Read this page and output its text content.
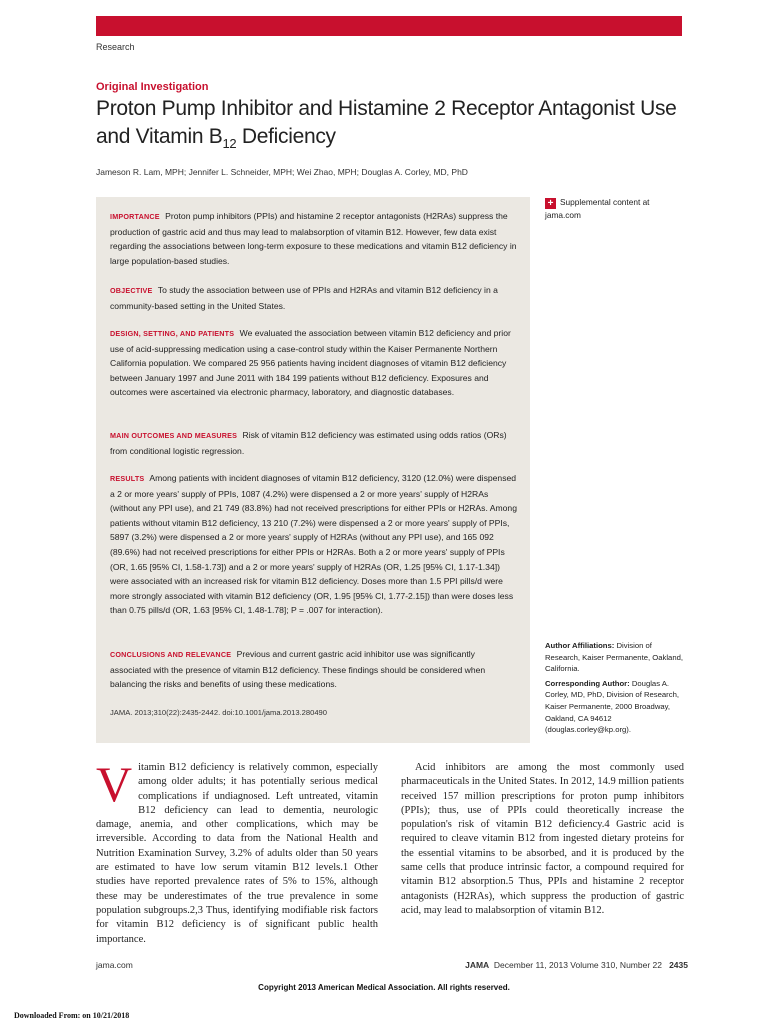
Research
Original Investigation
Proton Pump Inhibitor and Histamine 2 Receptor Antagonist Use and Vitamin $B_{12}$ Deficiency
Jameson R. Lam, MPH; Jennifer L. Schneider, MPH; Wei Zhao, MPH; Douglas A. Corley, MD, PhD
IMPORTANCE Proton pump inhibitors (PPIs) and histamine 2 receptor antagonists (H2RAs) suppress the production of gastric acid and thus may lead to malabsorption of vitamin B12. However, few data exist regarding the associations between long-term exposure to these medications and vitamin B12 deficiency in large population-based studies.
OBJECTIVE To study the association between use of PPIs and H2RAs and vitamin B12 deficiency in a community-based setting in the United States.
DESIGN, SETTING, AND PATIENTS We evaluated the association between vitamin B12 deficiency and prior use of acid-suppressing medication using a case-control study within the Kaiser Permanente Northern California population. We compared 25 956 patients having incident diagnoses of vitamin B12 deficiency between January 1997 and June 2011 with 184 199 patients without B12 deficiency. Exposures and outcomes were ascertained via electronic pharmacy, laboratory, and diagnostic databases.
MAIN OUTCOMES AND MEASURES Risk of vitamin B12 deficiency was estimated using odds ratios (ORs) from conditional logistic regression.
RESULTS Among patients with incident diagnoses of vitamin B12 deficiency, 3120 (12.0%) were dispensed a 2 or more years' supply of PPIs, 1087 (4.2%) were dispensed a 2 or more years' supply of H2RAs (without any PPI use), and 21 749 (83.8%) had not received prescriptions for either PPIs or H2RAs. Among patients without vitamin B12 deficiency, 13 210 (7.2%) were dispensed a 2 or more years' supply of PPIs, 5897 (3.2%) were dispensed a 2 or more years' supply of H2RAs (without any PPI use), and 165 092 (89.6%) had not received prescriptions for either PPIs or H2RAs. Both a 2 or more years' supply of PPIs (OR, 1.65 [95% CI, 1.58-1.73]) and a 2 or more years' supply of H2RAs (OR, 1.25 [95% CI, 1.17-1.34]) were associated with an increased risk for vitamin B12 deficiency. Doses more than 1.5 PPI pills/d were more strongly associated with vitamin B12 deficiency (OR, 1.95 [95% CI, 1.77-2.15]) than were doses less than 0.75 pills/d (OR, 1.63 [95% CI, 1.48-1.78]; P = .007 for interaction).
CONCLUSIONS AND RELEVANCE Previous and current gastric acid inhibitor use was significantly associated with the presence of vitamin B12 deficiency. These findings should be considered when balancing the risks and benefits of using these medications.
JAMA. 2013;310(22):2435-2442. doi:10.1001/jama.2013.280490
+ Supplemental content at jama.com
Author Affiliations: Division of Research, Kaiser Permanente, Oakland, California.
Corresponding Author: Douglas A. Corley, MD, PhD, Division of Research, Kaiser Permanente, 2000 Broadway, Oakland, CA 94612 (douglas.corley@kp.org).
Vitamin B12 deficiency is relatively common, especially among older adults; it has potentially serious medical complications if undiagnosed. Left untreated, vitamin B12 deficiency can lead to dementia, neurologic damage, anemia, and other complications, which may be irreversible. According to data from the National Health and Nutrition Examination Survey, 3.2% of adults older than 50 years are estimated to have low serum vitamin B12 levels.1 Other studies have reported prevalence rates of 5% to 15%, although these may be underestimates of the true prevalence in some population subgroups.2,3 Thus, identifying modifiable risk factors for vitamin B12 deficiency is of significant public health importance.
Acid inhibitors are among the most commonly used pharmaceuticals in the United States. In 2012, 14.9 million patients received 157 million prescriptions for proton pump inhibitors (PPIs); thus, use of PPIs could theoretically increase the population's risk of vitamin B12 deficiency.4 Gastric acid is required to cleave vitamin B12 from ingested dietary proteins for the essential vitamins to be absorbed, and it is produced by the same cells that produce intrinsic factor, a compound required for vitamin B12 absorption.5 Thus, PPIs and histamine 2 receptor antagonists (H2RAs), which suppress the production of gastric acid, may lead to malabsorption of vitamin B12.
jama.com	JAMA December 11, 2013 Volume 310, Number 22 2435
Copyright 2013 American Medical Association. All rights reserved.
Downloaded From: on 10/21/2018
